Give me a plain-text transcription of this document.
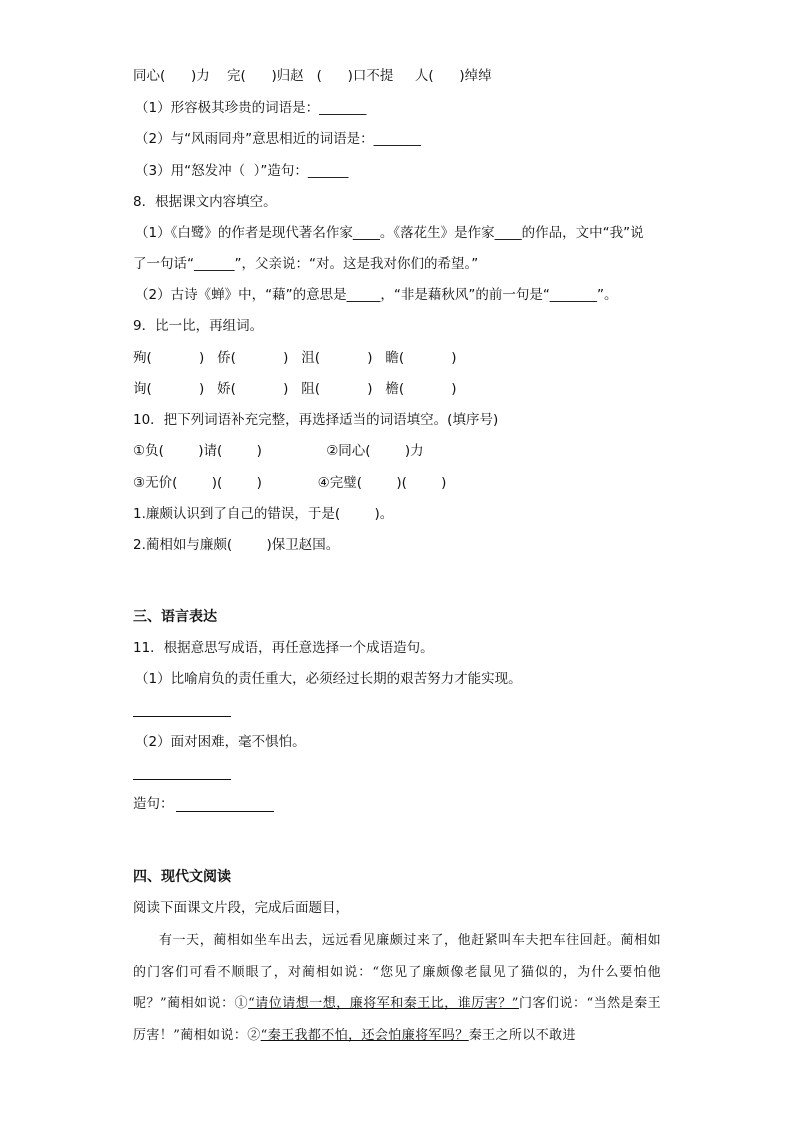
同心(      )力    完(      )归赵   (      )口不提     人(      )绰绰
（1）形容极其珍贵的词语是：_______
（2）与“风雨同舟”意思相近的词语是：_______
（3）用“怒发冲（  ）”造句：______
8．根据课文内容填空。
（1）《白鹭》的作者是现代著名作家____。《落花生》是作家____的作品，文中“我”说
了一句话“______”，父亲说：“对。这是我对你们的希望。”
（2）古诗《蝉》中，“藉”的意思是_____，“非是藉秋风”的前一句是“_______”。
9．比一比，再组词。
殉(           )   侨(           )   沮(           )   瞻(           )
询(           )   娇(           )   阻(           )   檐(           )
10．把下列词语补充完整，再选择适当的词语填空。(填序号)
①负(        )请(        )               ②同心(        )力
③无价(        )(        )             ④完璧(        )(        )
1.廉颇认识到了自己的错误，于是(        )。
2.蔺相如与廉颇(        )保卫赵国。
三、语言表达
11．根据意思写成语，再任意选择一个成语造句。
（1）比喻肩负的责任重大，必须经过长期的艰苦努力才能实现。
（2）面对困难，毫不惧怕。
造句：
四、现代文阅读
阅读下面课文片段，完成后面题目，

有一天，蔺相如坐车出去，远远看见廉颇过来了，他赶紧叫车夫把车往回赶。蔺相如的门客们可看不顺眼了，对蔺相如说：“您见了廉颇像老鼠见了猫似的，为什么要怕他呢？”蔺相如说：①“请位请想一想，廉将军和秦王比，谁厉害？”门客们说：“当然是秦王厉害！”蔺相如说：②“秦王我都不怕，还会怕廉将军吗？秦王之所以不敢进
